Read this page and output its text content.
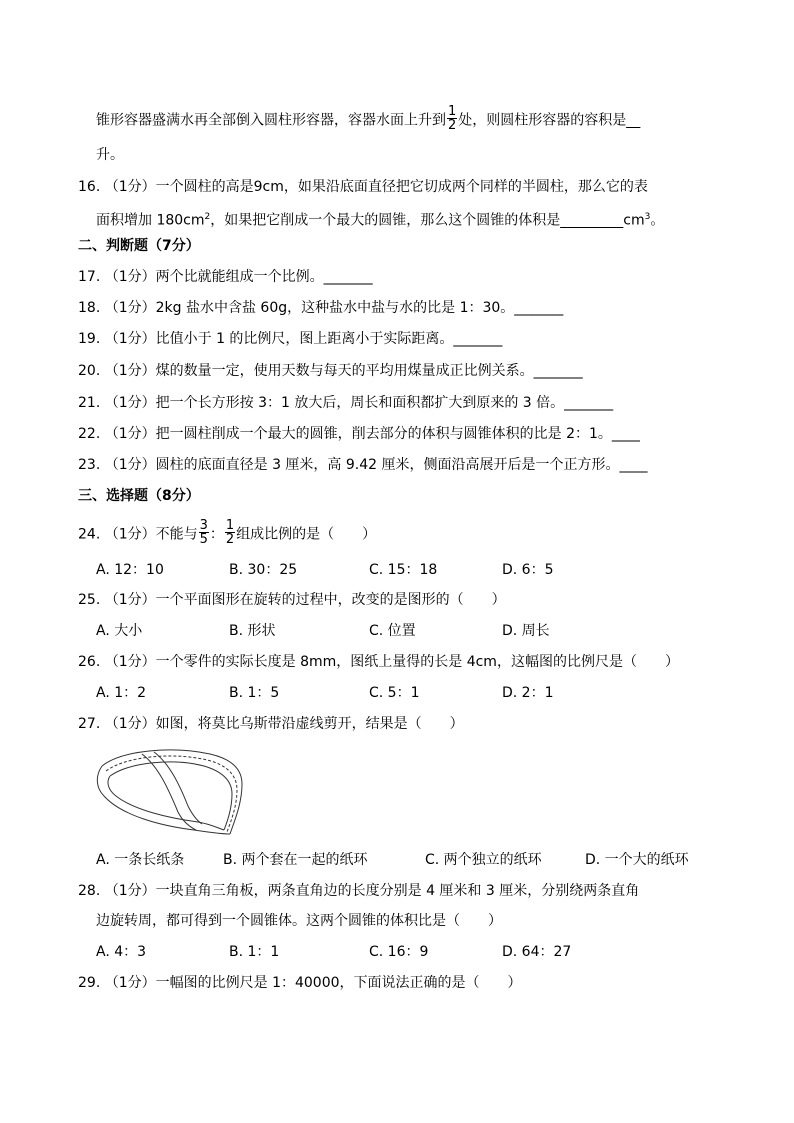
锥形容器盛满水再全部倒入圆柱形容器，容器水面上升到 $\frac{1}{2}$ 处，则圆柱形容器的容积是__
升。
16. （1分）一个圆柱的高是9cm，如果沿底面直径把它切成两个同样的半圆柱，那么它的表
面积增加 $180cm^2$，如果把它削成一个最大的圆锥，那么这个圆锥的体积是$\_\_\_\_\_\_\_\_\_cm^3$。
二、判断题（7分）
17. （1分）两个比就能组成一个比例。_______
18. （1分）2kg 盐水中含盐 60g，这种盐水中盐与水的比是 1：30。_______
19. （1分）比值小于 1 的比例尺，图上距离小于实际距离。_______
20. （1分）煤的数量一定，使用天数与每天的平均用煤量成正比例关系。_______
21. （1分）把一个长方形按 3：1 放大后，周长和面积都扩大到原来的 3 倍。_______
22. （1分）把一圆柱削成一个最大的圆锥，削去部分的体积与圆锥体积的比是 2：1。____
23. （1分）圆柱的底面直径是 3 厘米，高 9.42 厘米，侧面沿高展开后是一个正方形。____
三、选择题（8分）
24. （1分）不能与 $\frac{3}{5}$ ： $\frac{1}{2}$ 组成比例的是（　　）
A. 12：10	B. 30：25	C. 15：18	D. 6：5
25. （1分）一个平面图形在旋转的过程中，改变的是图形的（　　）
A. 大小	B. 形状	C. 位置	D. 周长
26. （1分）一个零件的实际长度是 8mm，图纸上量得的长是 4cm，这幅图的比例尺是（　　）
A. 1：2	B. 1：5	C. 5：1	D. 2：1
27. （1分）如图，将莫比乌斯带沿虚线剪开，结果是（　　）
A. 一条长纸条	B. 两个套在一起的纸环	C. 两个独立的纸环	D. 一个大的纸环
28. （1分）一块直角三角板，两条直角边的长度分别是 4 厘米和 3 厘米，分别绕两条直角
边旋转周，都可得到一个圆锥体。这两个圆锥的体积比是（　　）
A. 4：3	B. 1：1	C. 16：9	D. 64：27
29. （1分）一幅图的比例尺是 1：40000，下面说法正确的是（　　）
